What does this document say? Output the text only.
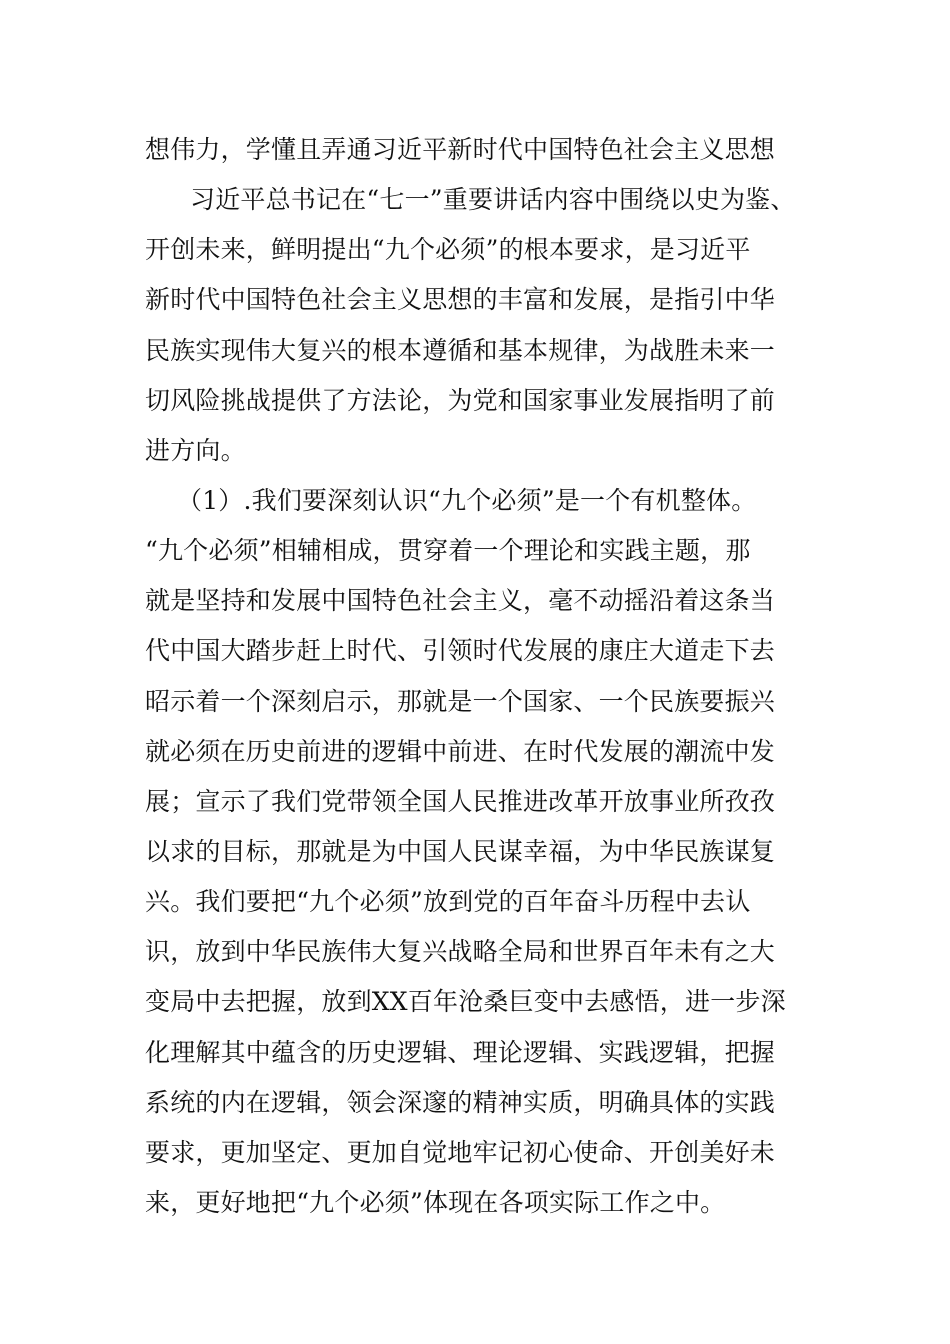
想伟力，学懂且弄通习近平新时代中国特色社会主义思想

习近平总书记在“七一”重要讲话内容中围绕以史为鉴、

开创未来，鲜明提出“九个必须”的根本要求，是习近平

新时代中国特色社会主义思想的丰富和发展，是指引中华

民族实现伟大复兴的根本遵循和基本规律，为战胜未来一

切风险挑战提供了方法论，为党和国家事业发展指明了前

进方向。

（1）.我们要深刻认识“九个必须”是一个有机整体。

“九个必须”相辅相成，贯穿着一个理论和实践主题，那

就是坚持和发展中国特色社会主义，毫不动摇沿着这条当

代中国大踏步赶上时代、引领时代发展的康庄大道走下去

昭示着一个深刻启示，那就是一个国家、一个民族要振兴

就必须在历史前进的逻辑中前进、在时代发展的潮流中发

展；宣示了我们党带领全国人民推进改革开放事业所孜孜

以求的目标，那就是为中国人民谋幸福，为中华民族谋复

兴。我们要把“九个必须”放到党的百年奋斗历程中去认

识，放到中华民族伟大复兴战略全局和世界百年未有之大

变局中去把握，放到XX百年沧桑巨变中去感悟，进一步深

化理解其中蕴含的历史逻辑、理论逻辑、实践逻辑，把握

系统的内在逻辑，领会深邃的精神实质，明确具体的实践

要求，更加坚定、更加自觉地牢记初心使命、开创美好未

来，更好地把“九个必须”体现在各项实际工作之中。
